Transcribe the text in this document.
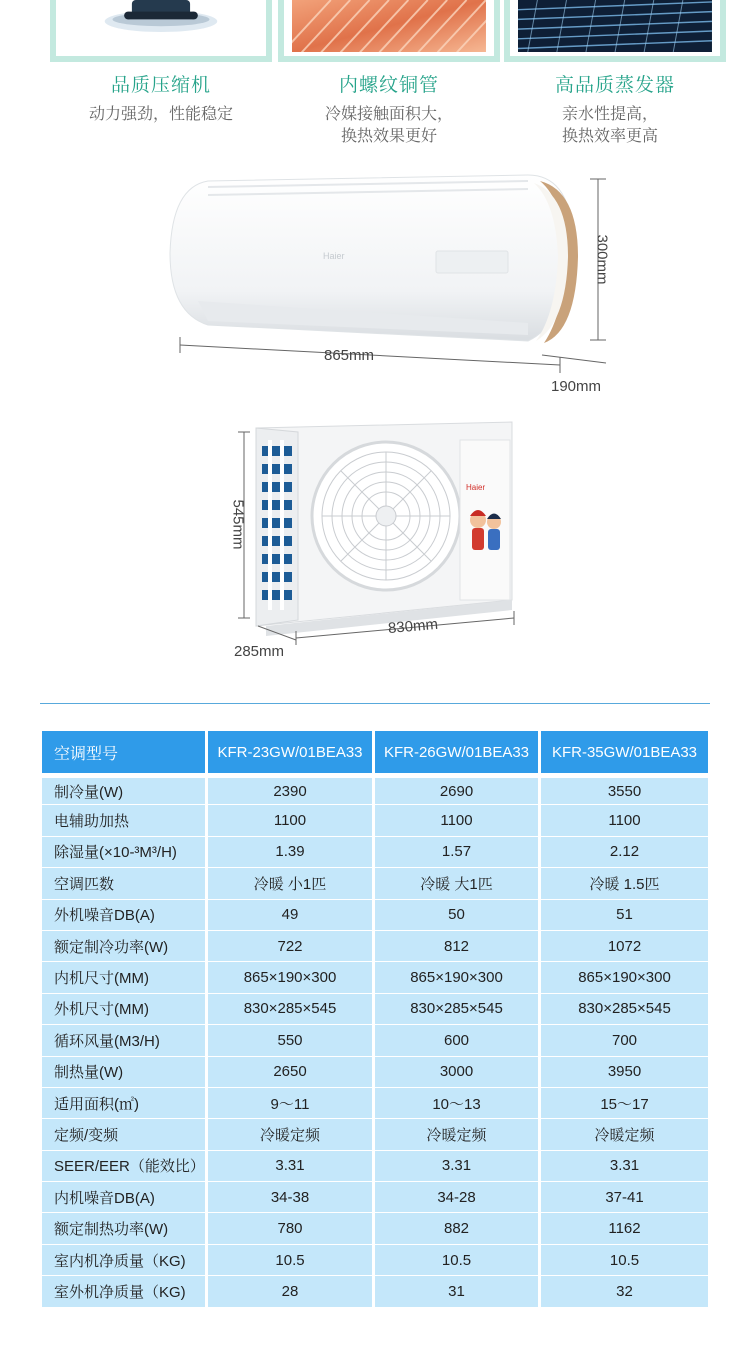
品质压缩机
动力强劲，性能稳定
内螺纹铜管
冷媒接触面积大，
换热效果更好
高品质蒸发器
亲水性提高，
换热效率更高
Haier
865mm
300mm
190mm
Haier
545mm
830mm
285mm
空调型号	KFR-23GW/01BEA33	KFR-26GW/01BEA33	KFR-35GW/01BEA33
制冷量(W)	2390	2690	3550
电辅助加热	1100	1100	1100
除湿量(×10-³M³/H)	1.39	1.57	2.12
空调匹数	冷暖 小1匹	冷暖 大1匹	冷暖 1.5匹
外机噪音DB(A)	49	50	51
额定制冷功率(W)	722	812	1072
内机尺寸(MM)	865×190×300	865×190×300	865×190×300
外机尺寸(MM)	830×285×545	830×285×545	830×285×545
循环风量(M3/H)	550	600	700
制热量(W)	2650	3000	3950
适用面积(㎡)	9～11	10～13	15～17
定频/变频	冷暖定频	冷暖定频	冷暖定频
SEER/EER（能效比）	3.31	3.31	3.31
内机噪音DB(A)	34-38	34-28	37-41
额定制热功率(W)	780	882	1162
室内机净质量（KG)	10.5	10.5	10.5
室外机净质量（KG)	28	31	32
